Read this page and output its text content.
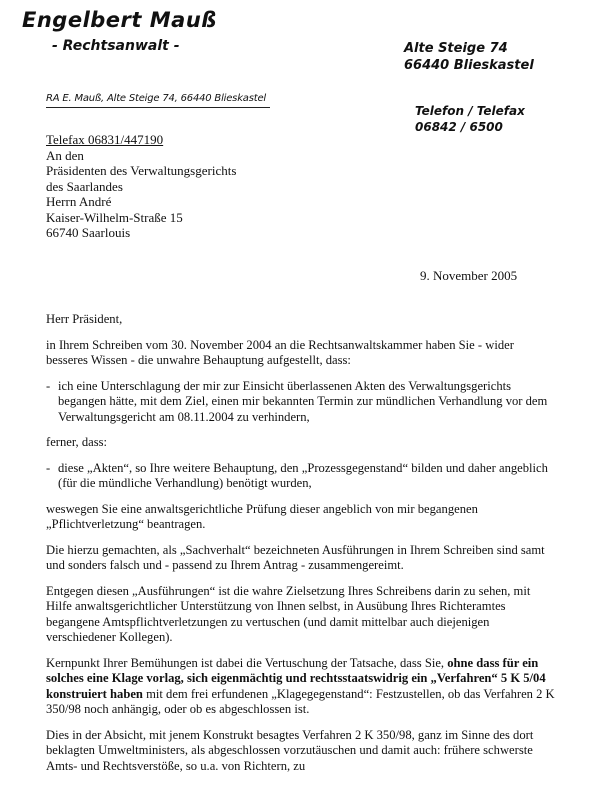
Engelbert Mauß
- Rechtsanwalt -	Alte Steige 74
66440 Blieskastel
RA E. Mauß, Alte Steige 74, 66440 Blieskastel
Telefon / Telefax
06842 / 6500
Telefax 06831/447190
An den
Präsidenten des Verwaltungsgerichts
des Saarlandes
Herrn André
Kaiser-Wilhelm-Straße 15
66740 Saarlouis
9. November 2005

Herr Präsident,

in Ihrem Schreiben vom 30. November 2004 an die Rechtsanwaltskammer haben Sie - wider besseres Wissen - die unwahre Behauptung aufgestellt, dass:

- ich eine Unterschlagung der mir zur Einsicht überlassenen Akten des Verwaltungsgerichts begangen hätte, mit dem Ziel, einen mir bekannten Termin zur mündlichen Verhandlung vor dem Verwaltungsgericht am 08.11.2004 zu verhindern,

ferner, dass:

- diese „Akten“, so Ihre weitere Behauptung, den „Prozessgegenstand“ bilden und daher angeblich (für die mündliche Verhandlung) benötigt wurden,

weswegen Sie eine anwaltsgerichtliche Prüfung dieser angeblich von mir begangenen „Pflichtverletzung“ beantragen.

Die hierzu gemachten, als „Sachverhalt“ bezeichneten Ausführungen in Ihrem Schreiben sind samt und sonders falsch und - passend zu Ihrem Antrag - zusammengereimt.

Entgegen diesen „Ausführungen“ ist die wahre Zielsetzung Ihres Schreibens darin zu sehen, mit Hilfe anwaltsgerichtlicher Unterstützung von Ihnen selbst, in Ausübung Ihres Richteramtes begangene Amtspflichtverletzungen zu vertuschen (und damit mittelbar auch diejenigen verschiedener Kollegen).

Kernpunkt Ihrer Bemühungen ist dabei die Vertuschung der Tatsache, dass Sie, ohne dass für ein solches eine Klage vorlag, sich eigenmächtig und rechtsstaatswidrig ein „Verfahren“ 5 K 5/04 konstruiert haben mit dem frei erfundenen „Klagegegenstand“: Festzustellen, ob das Verfahren 2 K 350/98 noch anhängig, oder ob es abgeschlossen ist.

Dies in der Absicht, mit jenem Konstrukt besagtes Verfahren 2 K 350/98, ganz im Sinne des dort beklagten Umweltministers, als abgeschlossen vorzutäuschen und damit auch: frühere schwerste Amts- und Rechtsverstöße, so u.a. von Richtern, zu
